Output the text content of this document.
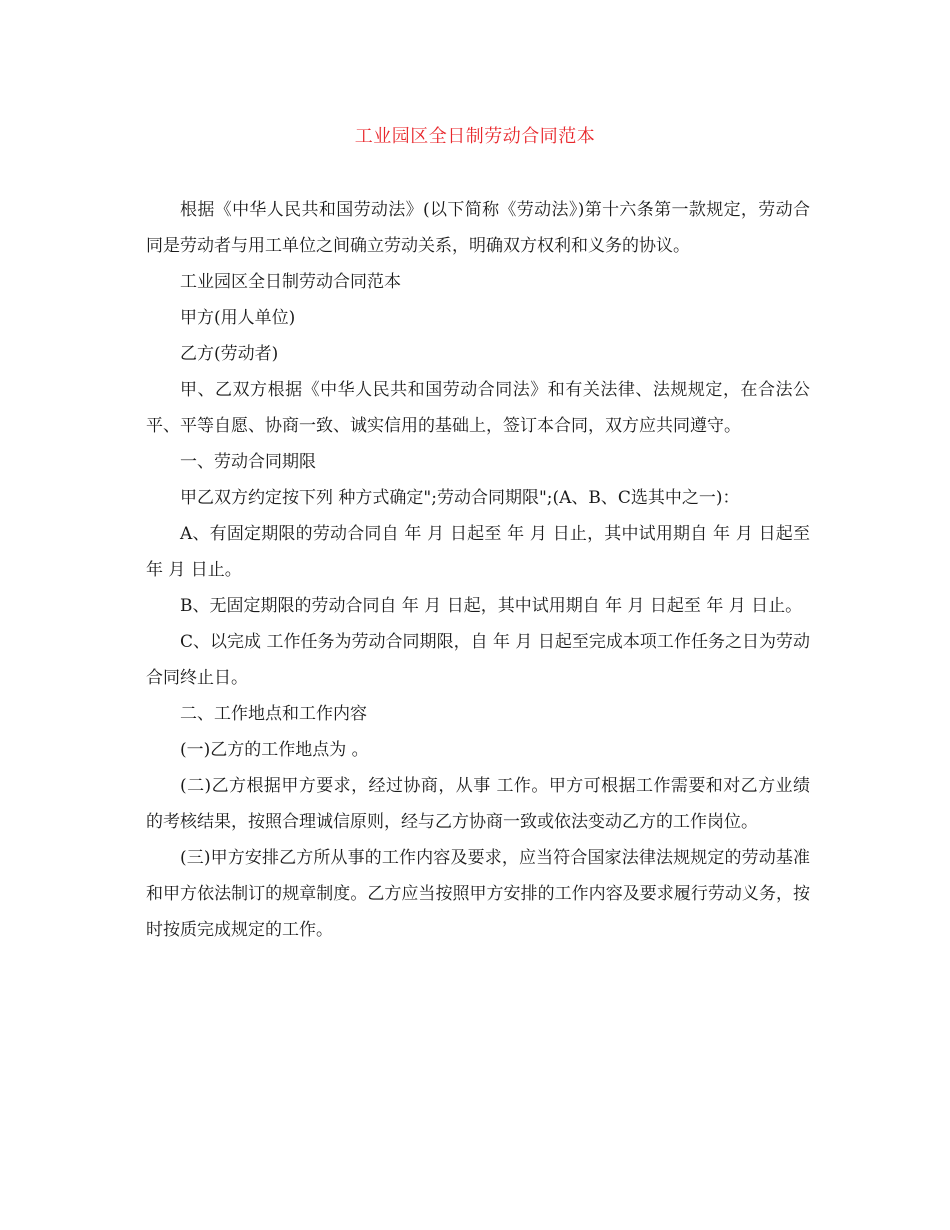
工业园区全日制劳动合同范本

根据《中华人民共和国劳动法》(以下简称《劳动法》)第十六条第一款规定，劳动合同是劳动者与用工单位之间确立劳动关系，明确双方权利和义务的协议。

工业园区全日制劳动合同范本

甲方(用人单位)

乙方(劳动者)

甲、乙双方根据《中华人民共和国劳动合同法》和有关法律、法规规定，在合法公平、平等自愿、协商一致、诚实信用的基础上，签订本合同，双方应共同遵守。

一、劳动合同期限

甲乙双方约定按下列 种方式确定";劳动合同期限";(A、B、C选其中之一)：

A、有固定期限的劳动合同自 年 月 日起至 年 月 日止，其中试用期自 年 月 日起至 年 月 日止。

B、无固定期限的劳动合同自 年 月 日起，其中试用期自 年 月 日起至 年 月 日止。

C、以完成 工作任务为劳动合同期限，自 年 月 日起至完成本项工作任务之日为劳动合同终止日。

二、工作地点和工作内容

(一)乙方的工作地点为 。

(二)乙方根据甲方要求，经过协商，从事 工作。甲方可根据工作需要和对乙方业绩的考核结果，按照合理诚信原则，经与乙方协商一致或依法变动乙方的工作岗位。

(三)甲方安排乙方所从事的工作内容及要求，应当符合国家法律法规规定的劳动基准和甲方依法制订的规章制度。乙方应当按照甲方安排的工作内容及要求履行劳动义务，按时按质完成规定的工作。
